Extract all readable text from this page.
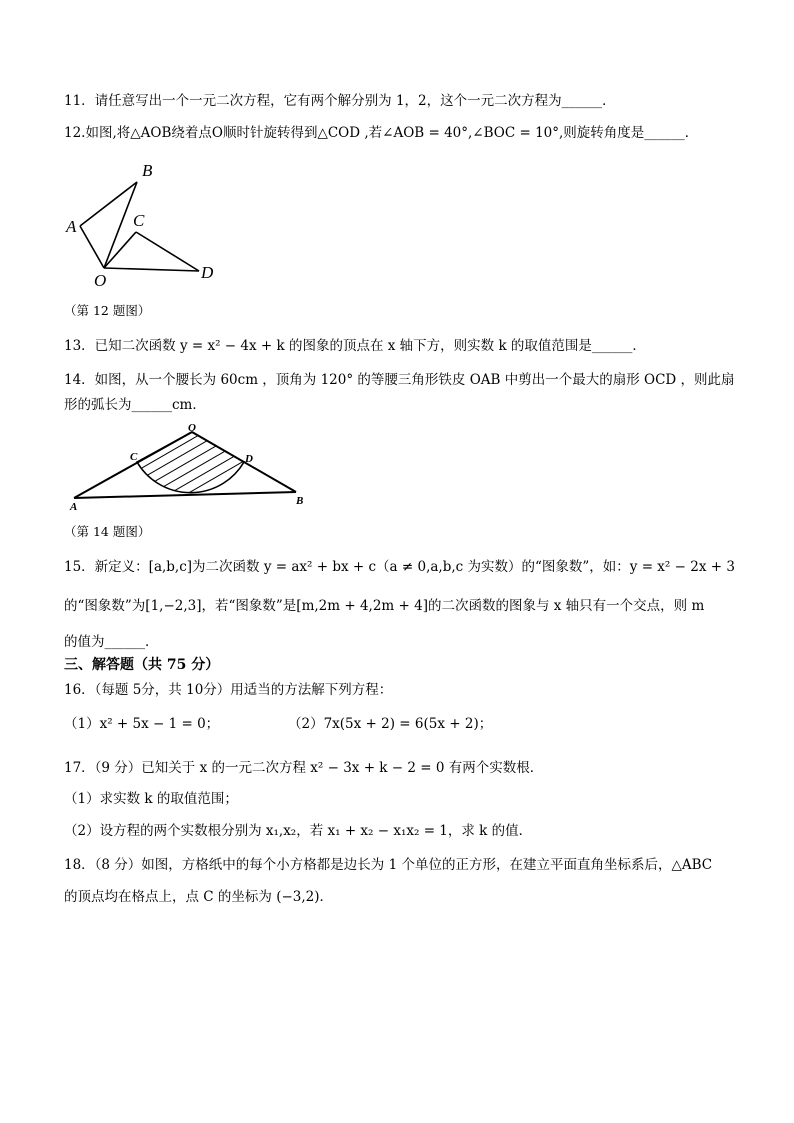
11．请任意写出一个一元二次方程，它有两个解分别为 1，2，这个一元二次方程为______．
12.如图,将△AOB绕着点O顺时针旋转得到△COD ,若∠AOB = 40°,∠BOC = 10°,则旋转角度是______．
B
A	C
O	D
（第 12 题图）
13．已知二次函数 y = x² − 4x + k 的图象的顶点在 x 轴下方，则实数 k 的取值范围是______．
14．如图，从一个腰长为 60cm ，顶角为 120° 的等腰三角形铁皮 OAB 中剪出一个最大的扇形 OCD ，则此扇
形的弧长为______cm．
O
C	D
A	B
（第 14 题图）
15．新定义：[a,b,c]为二次函数 y = ax² + bx + c（a ≠ 0,a,b,c 为实数）的“图象数”，如：y = x² − 2x + 3
的“图象数”为[1,−2,3]，若“图象数”是[m,2m + 4,2m + 4]的二次函数的图象与 x 轴只有一个交点，则 m
的值为______．
三、解答题（共 75 分）
16．（每题 5分，共 10分）用适当的方法解下列方程：
（1）x² + 5x − 1 = 0；	（2）7x(5x + 2) = 6(5x + 2)；
17．（9 分）已知关于 x 的一元二次方程 x² − 3x + k − 2 = 0 有两个实数根．
（1）求实数 k 的取值范围；
（2）设方程的两个实数根分别为 x₁,x₂，若 x₁ + x₂ − x₁x₂ = 1，求 k 的值．
18．（8 分）如图，方格纸中的每个小方格都是边长为 1 个单位的正方形，在建立平面直角坐标系后，△ABC
的顶点均在格点上，点 C 的坐标为 (−3,2)．
